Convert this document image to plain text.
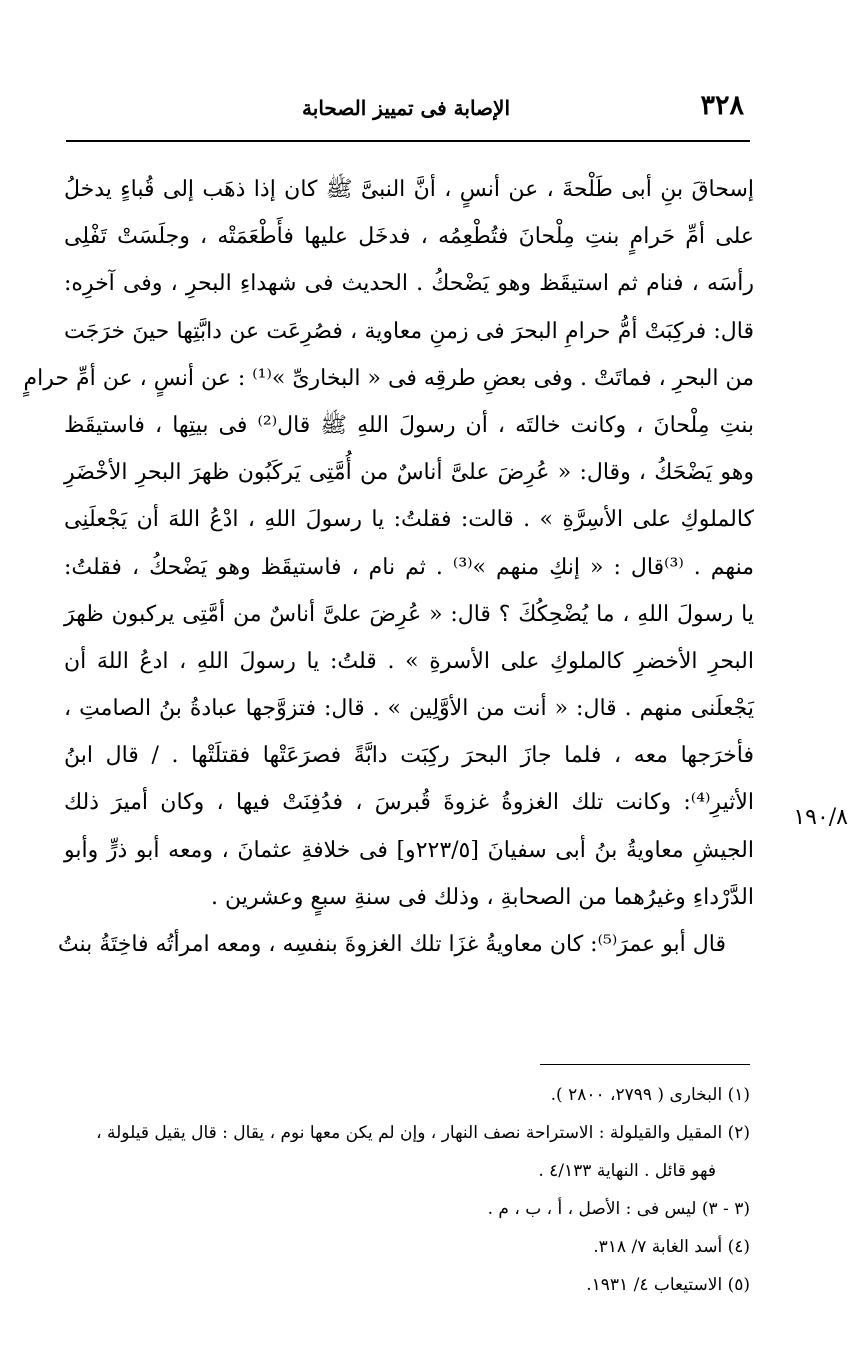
٣٢٨
الإصابة فى تمييز الصحابة
إسحاقَ بنِ أبى طَلْحةَ ، عن أنسٍ ، أنَّ النبىَّ ﷺ كان إذا ذهَب إلى قُباءٍ يدخلُ
على أمِّ حَرامٍ بنتِ مِلْحانَ فتُطْعِمُه ، فدخَل عليها فأَطْعَمَتْه ، وجلَسَتْ تَفْلِى
رأسَه ، فنام ثم استيقَظ وهو يَضْحكُ . الحديث فى شهداءِ البحرِ ، وفى آخرِه:
قال: فركِبَتْ أمُّ حرامِ البحرَ فى زمنِ معاوية ، فصُرِعَت عن دابَّتِها حينَ خرَجَت
من البحرِ ، فماتَتْ . وفى بعضِ طرقِه فى « البخارىِّ »⁽¹⁾ : عن أنسٍ ، عن أمِّ حرامٍ
بنتِ مِلْحانَ ، وكانت خالتَه ، أن رسولَ اللهِ ﷺ قال⁽²⁾ فى بيتِها ، فاستيقَظ
وهو يَضْحَكُ ، وقال: « عُرِضَ علىَّ أناسٌ من أُمَّتِى يَركَبُون ظهرَ البحرِ الأخْضَرِ
كالملوكِ على الأسِرَّةِ » . قالت: فقلتُ: يا رسولَ اللهِ ، ادْعُ اللهَ أن يَجْعلَنِى
منهم . ⁽³⁾قال : « إنكِ منهم »⁽³⁾ . ثم نام ، فاستيقَظ وهو يَضْحكُ ، فقلتُ:
يا رسولَ اللهِ ، ما يُضْحِكُكَ ؟ قال: « عُرِضَ علىَّ أناسٌ من أمَّتِى يركبون ظهرَ
البحرِ الأخضرِ كالملوكِ على الأسرةِ » . قلتُ: يا رسولَ اللهِ ، ادعُ اللهَ أن
يَجْعلَنى منهم . قال: « أنت من الأوَّلِين » . قال: فتزوَّجها عبادةُ بنُ الصامتِ ،
فأخرَجها معه ، فلما جازَ البحرَ ركِبَت دابَّةً فصرَعَتْها فقتلَتْها . / قال ابنُ
الأثيرِ⁽⁴⁾: وكانت تلك الغزوةُ غزوةَ قُبرسَ ، فدُفِنَتْ فيها ، وكان أميرَ ذلك
الجيشِ معاويةُ بنُ أبى سفيانَ [٢٢٣/٥و] فى خلافةِ عثمانَ ، ومعه أبو ذرٍّ وأبو
الدَّرْداءِ وغيرُهما من الصحابةِ ، وذلك فى سنةِ سبعٍ وعشرين .
قال أبو عمرَ⁽⁵⁾: كان معاويةُ غزَا تلك الغزوةَ بنفسِه ، ومعه امرأتُه فاخِتَةُ بنتُ
١٩٠/٨
(١) البخارى ( ٢٧٩٩، ٢٨٠٠ ).
(٢) المقيل والقيلولة : الاستراحة نصف النهار ، وإن لم يكن معها نوم ، يقال : قال يقيل قيلولة ،
فهو قائل . النهاية ٤/١٣٣ .
(٣ - ٣) ليس فى : الأصل ، أ ، ب ، م .
(٤) أسد الغابة ٧/ ٣١٨.
(٥) الاستيعاب ٤/ ١٩٣١.
